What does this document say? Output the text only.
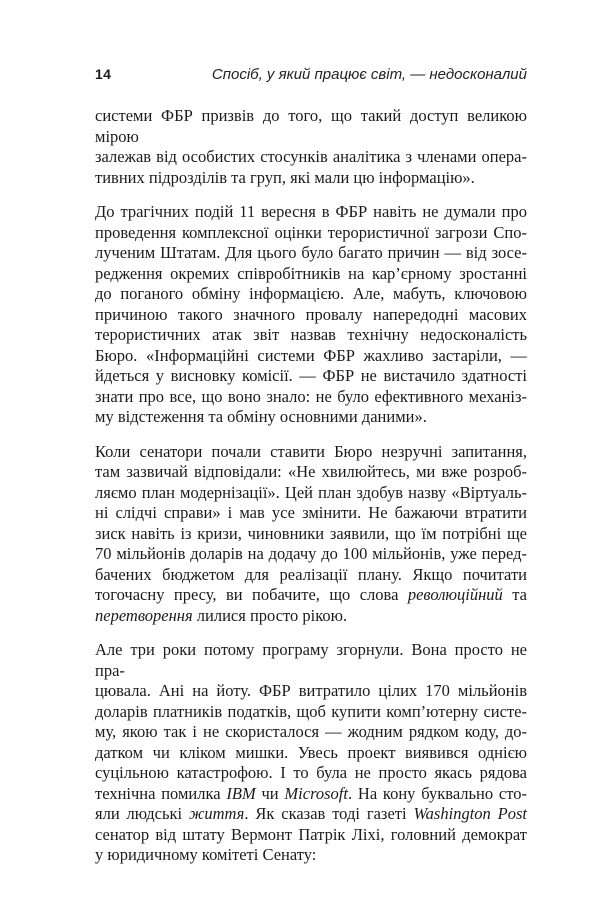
14	Спосіб, у який працює світ, — недосконалий
системи ФБР призвів до того, що такий доступ великою мірою
залежав від особистих стосунків аналітика з членами опера-
тивних підрозділів та груп, які мали цю інформацію».
До трагічних подій 11 вересня в ФБР навіть не думали про
проведення комплексної оцінки терористичної загрози Спо-
лученим Штатам. Для цього було багато причин — від зосе-
редження окремих співробітників на кар’єрному зростанні
до поганого обміну інформацією. Але, мабуть, ключовою
причиною такого значного провалу напередодні масових
терористичних атак звіт назвав технічну недосконалість
Бюро. «Інформаційні системи ФБР жахливо застаріли, —
йдеться у висновку комісії. — ФБР не вистачило здатності
знати про все, що воно знало: не було ефективного механіз-
му відстеження та обміну основними даними».
Коли сенатори почали ставити Бюро незручні запитання,
там зазвичай відповідали: «Не хвилюйтесь, ми вже розроб-
ляємо план модернізації». Цей план здобув назву «Віртуаль-
ні слідчі справи» і мав усе змінити. Не бажаючи втратити
зиск навіть із кризи, чиновники заявили, що їм потрібні ще
70 мільйонів доларів на додачу до 100 мільйонів, уже перед-
бачених бюджетом для реалізації плану. Якщо почитати
тогочасну пресу, ви побачите, що слова революційний та
перетворення лилися просто рікою.
Але три роки потому програму згорнули. Вона просто не пра-
цювала. Ані на йоту. ФБР витратило цілих 170 мільйонів
доларів платників податків, щоб купити комп’ютерну систе-
му, якою так і не скористалося — жодним рядком коду, до-
датком чи кліком мишки. Увесь проект виявився однією
суцільною катастрофою. І то була не просто якась рядова
технічна помилка IBM чи Microsoft. На кону буквально сто-
яли людські життя. Як сказав тоді газеті Washington Post
сенатор від штату Вермонт Патрік Ліхі, головний демократ
у юридичному комітеті Сенату:
